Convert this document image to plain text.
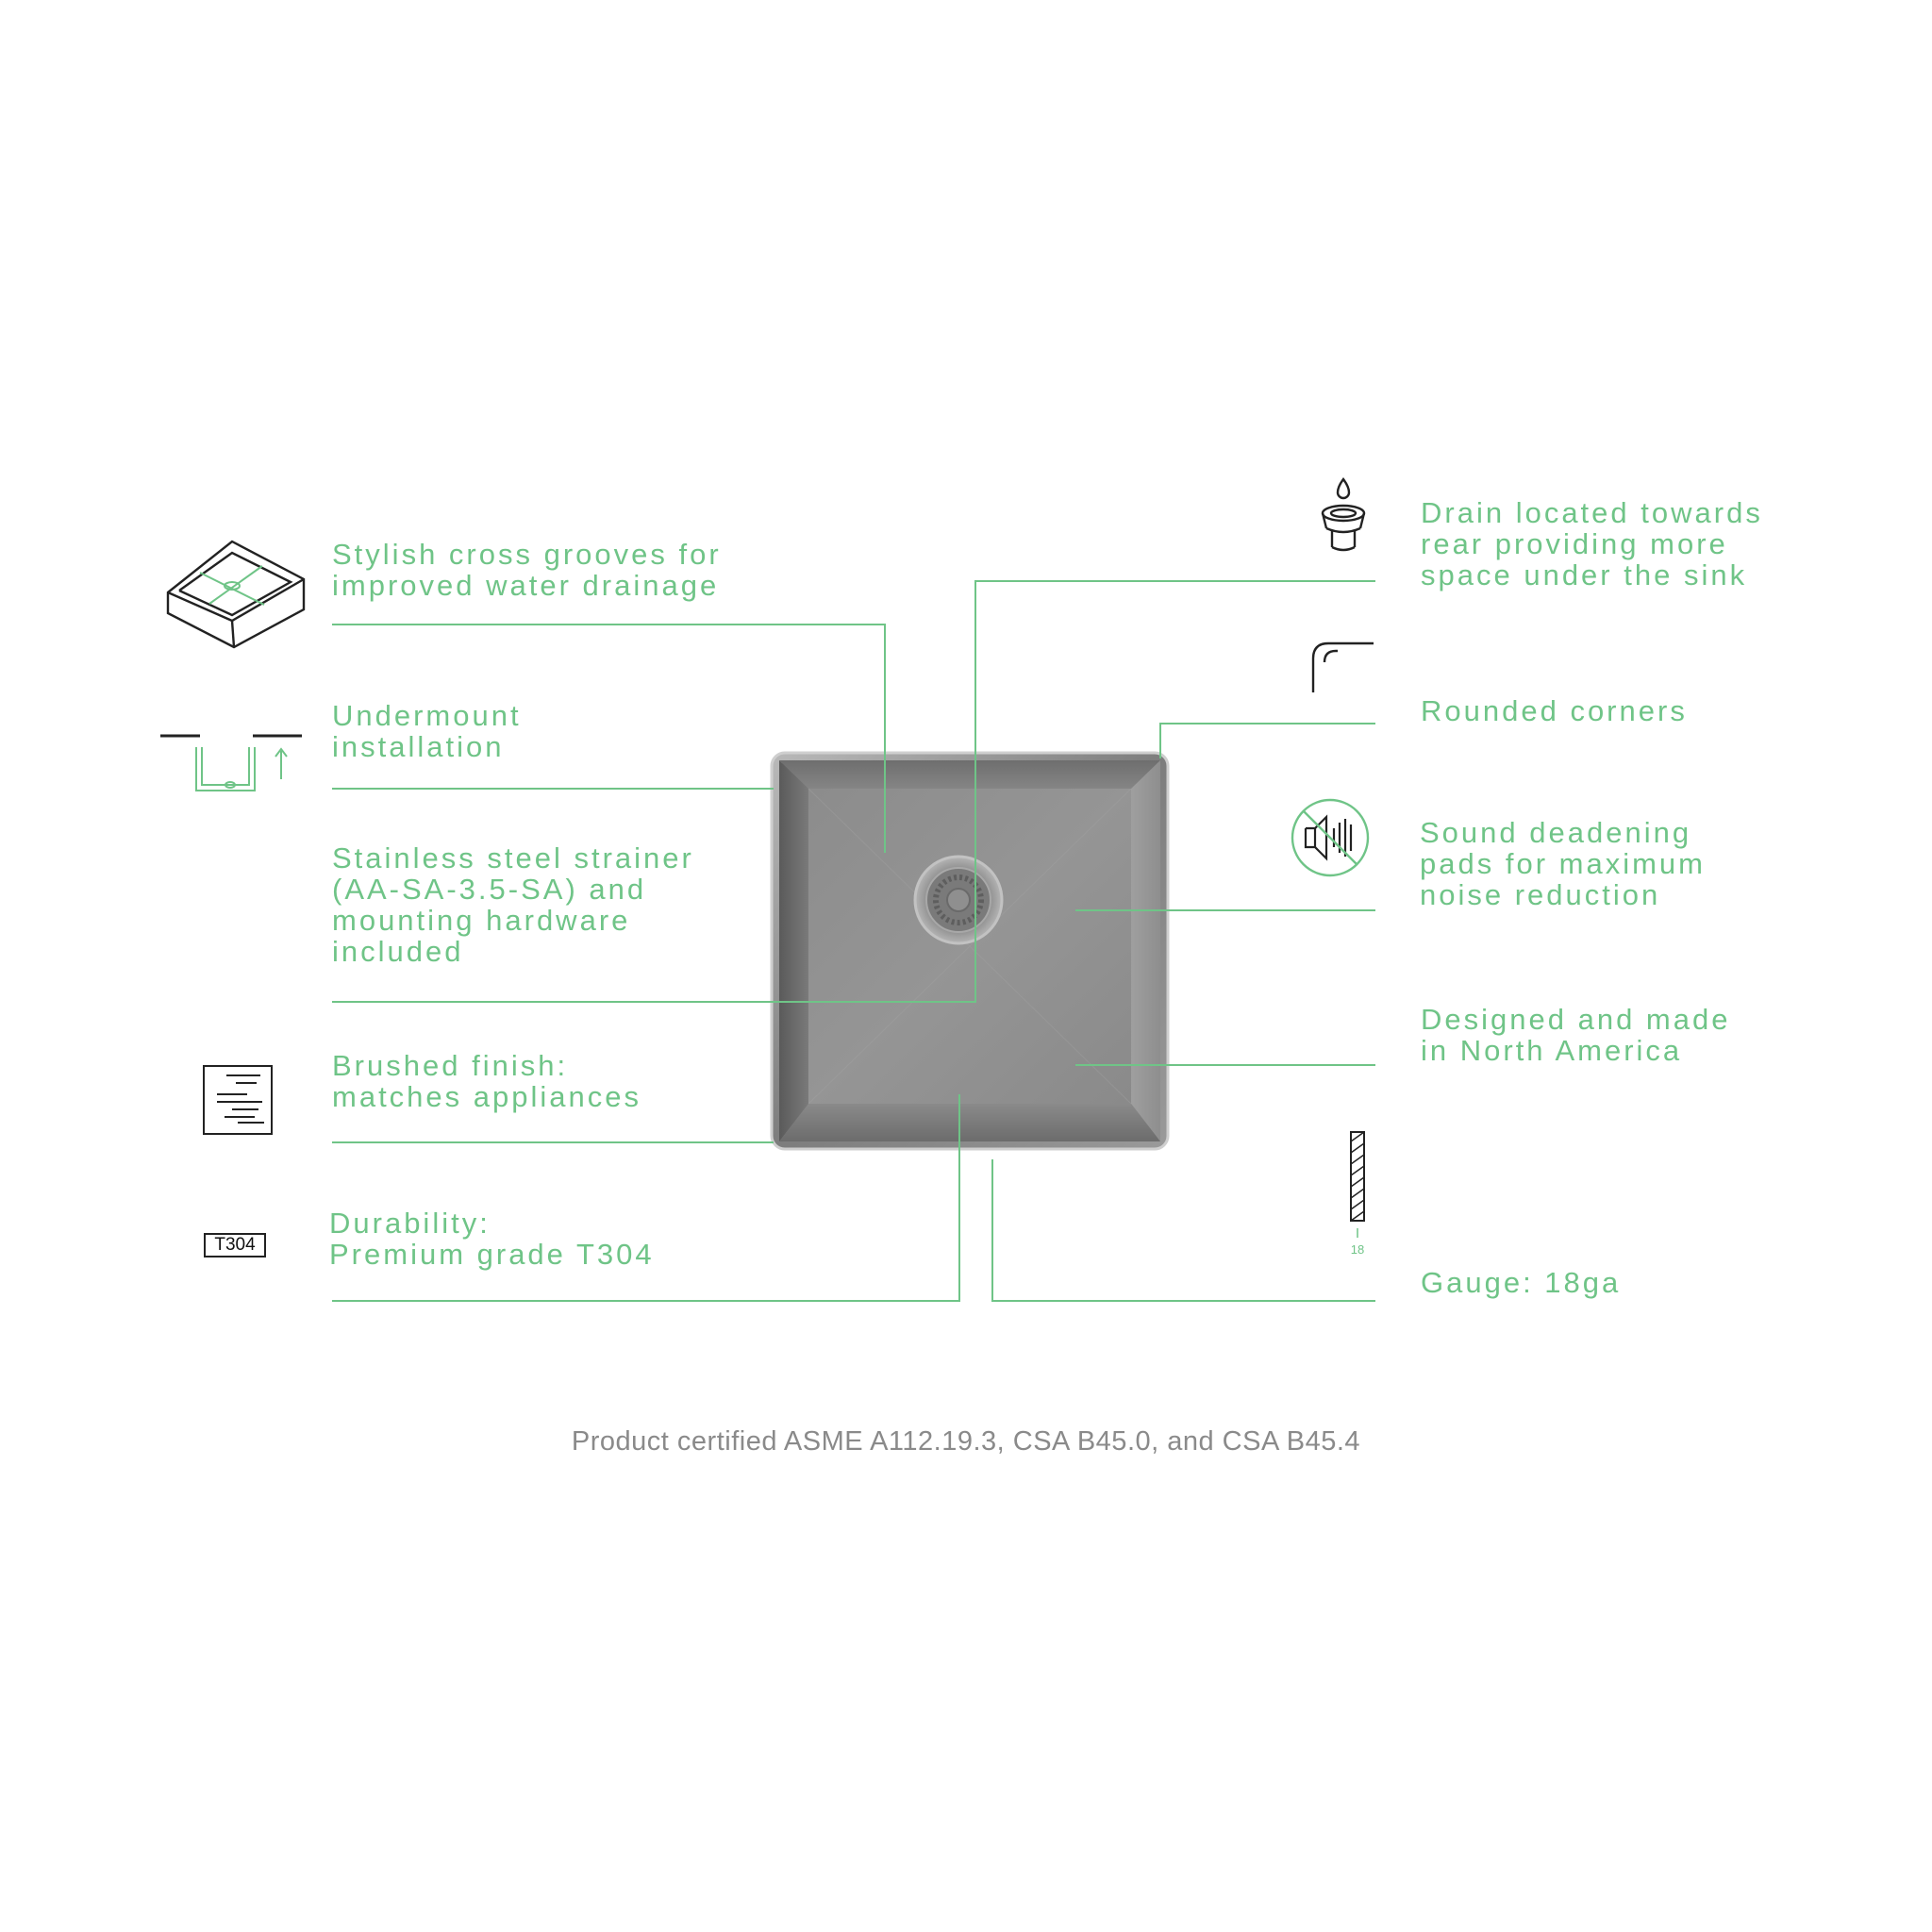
T304	18
Stylish cross grooves for
improved water drainage
Undermount
installation
Stainless steel strainer
(AA-SA-3.5-SA) and
mounting hardware
included
Brushed finish:
matches appliances
Durability:
Premium grade T304
Drain located towards
rear providing more
space under the sink
Rounded corners
Sound deadening
pads for maximum
noise reduction
Designed and made
in North America
Gauge: 18ga
Product certified ASME A112.19.3, CSA B45.0, and CSA B45.4
